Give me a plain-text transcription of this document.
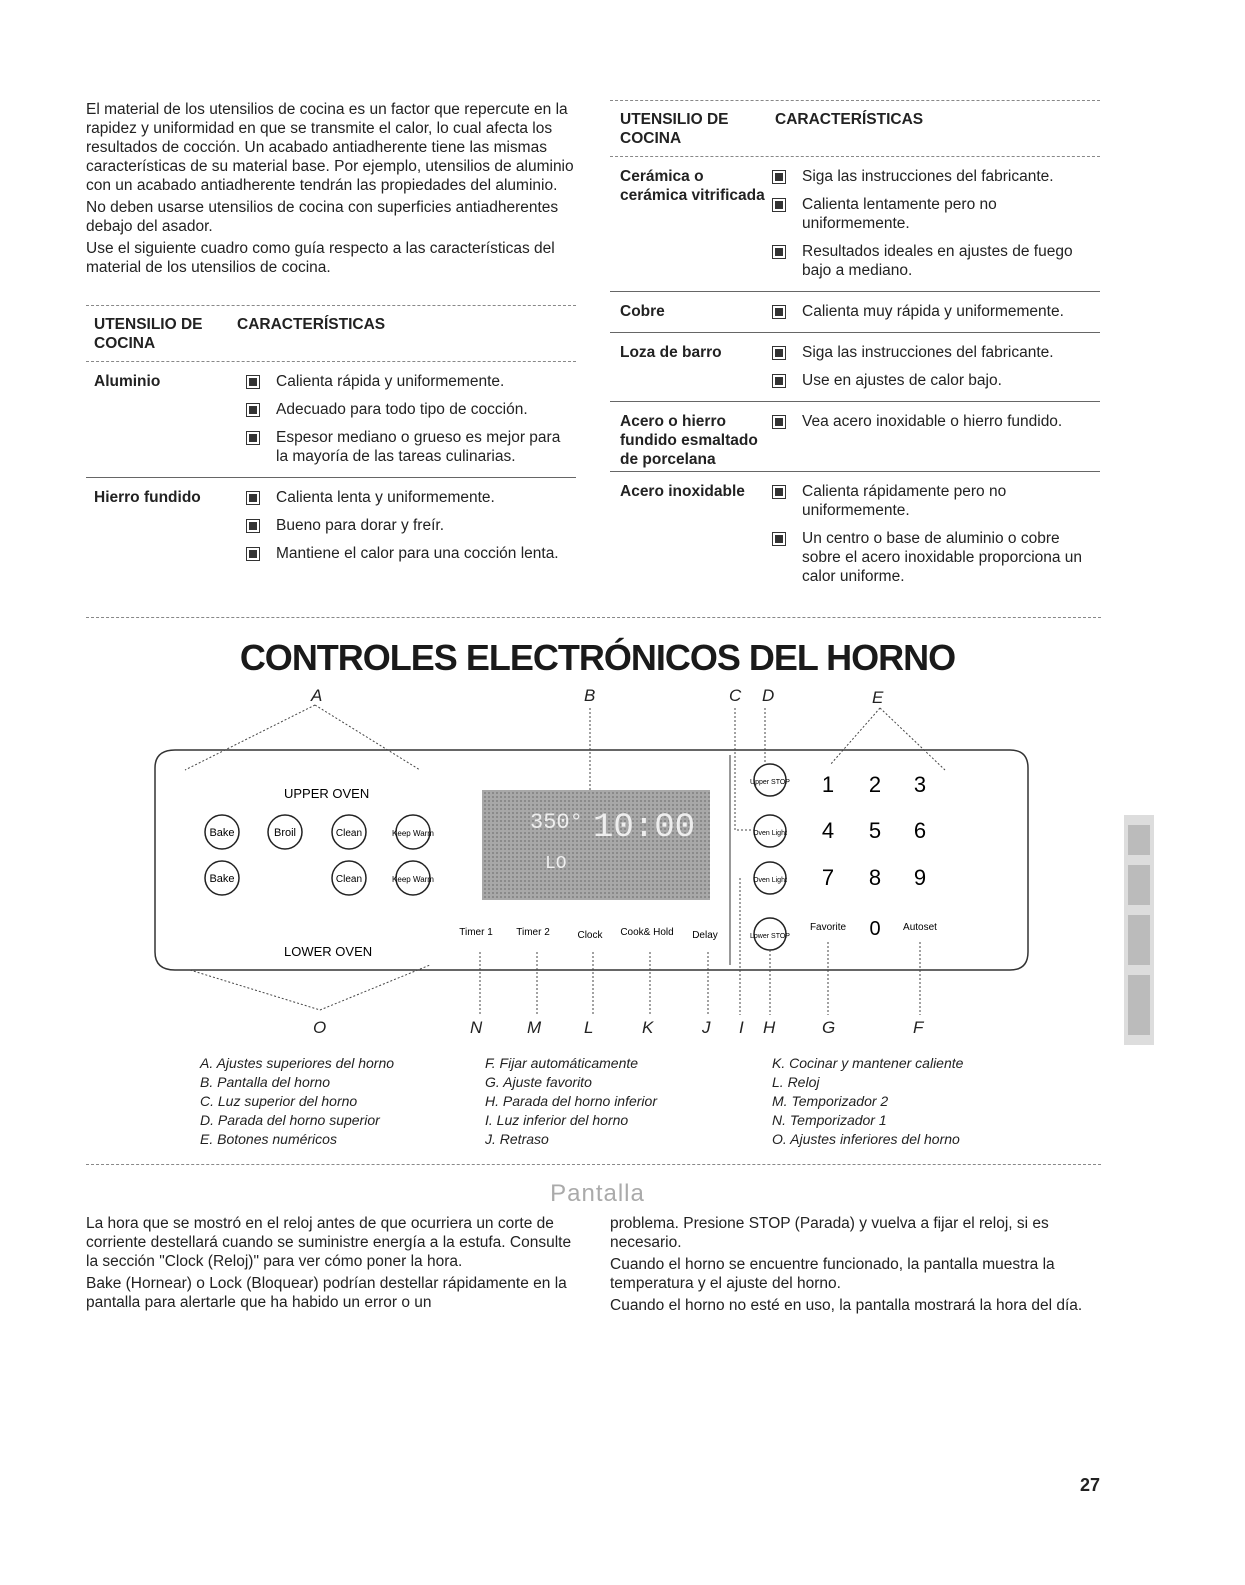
El material de los utensilios de cocina es un factor que repercute en la rapidez y uniformidad en que se transmite el calor, lo cual afecta los resultados de cocción. Un acabado antiadherente tiene las mismas características de su material base. Por ejemplo, utensilios de aluminio con un acabado antiadherente tendrán las propiedades del aluminio.

No deben usarse utensilios de cocina con superficies antiadherentes debajo del asador.

Use el siguiente cuadro como guía respecto a las características del material de los utensilios de cocina.

UTENSILIO DE COCINA
CARACTERÍSTICAS
Aluminio	Calienta rápida y uniformemente.
Adecuado para todo tipo de cocción.
Espesor mediano o grueso es mejor para la mayoría de las tareas culinarias.
Hierro fundido	Calienta lenta y uniformemente.
Bueno para dorar y freír.
Mantiene el calor para una cocción lenta.
UTENSILIO DE COCINA
CARACTERÍSTICAS
Cerámica o cerámica vitrificada
Siga las instrucciones del fabricante.
Calienta lentamente pero no uniformemente.
Resultados ideales en ajustes de fuego bajo a mediano.
Cobre	Calienta muy rápida y uniformemente.
Loza de barro	Siga las instrucciones del fabricante.
Use en ajustes de calor bajo.
Acero o hierro fundido esmaltado de porcelana
Vea acero inoxidable o hierro fundido.
Acero inoxidable	Calienta rápidamente pero no uniformemente.
Un centro o base de aluminio o cobre sobre el acero inoxidable proporciona un calor uniforme.
CONTROLES ELECTRÓNICOS DEL HORNO
350° 10:00
LO
UPPER OVEN
LOWER OVEN
Bake	Broil	Clean	Keep Warm
Bake	Clean	Keep Warm
Timer 1 Timer 2	Clock Cook& Hold Delay
Upper STOP
Oven Light
Oven Light
Lower STOP
1 2 3
4 5 6
7 8 9
0
Favorite	Autoset
A	B	C D	E
O	N	M	L	K	J I H	G	F
A. Ajustes superiores del horno
B. Pantalla del horno
C. Luz superior del horno
D. Parada del horno superior
E. Botones numéricos
F. Fijar automáticamente
G. Ajuste favorito
H. Parada del horno inferior
I. Luz inferior del horno
J. Retraso
K. Cocinar y mantener caliente
L. Reloj
M. Temporizador 2
N. Temporizador 1
O. Ajustes inferiores del horno
Pantalla

La hora que se mostró en el reloj antes de que ocurriera un corte de corriente destellará cuando se suministre energía a la estufa. Consulte la sección "Clock (Reloj)" para ver cómo poner la hora.

Bake (Hornear) o Lock (Bloquear) podrían destellar rápidamente en la pantalla para alertarle que ha habido un error o un

problema. Presione STOP (Parada) y vuelva a fijar el reloj, si es necesario.

Cuando el horno se encuentre funcionado, la pantalla muestra la temperatura y el ajuste del horno.

Cuando el horno no esté en uso, la pantalla mostrará la hora del día.

27
